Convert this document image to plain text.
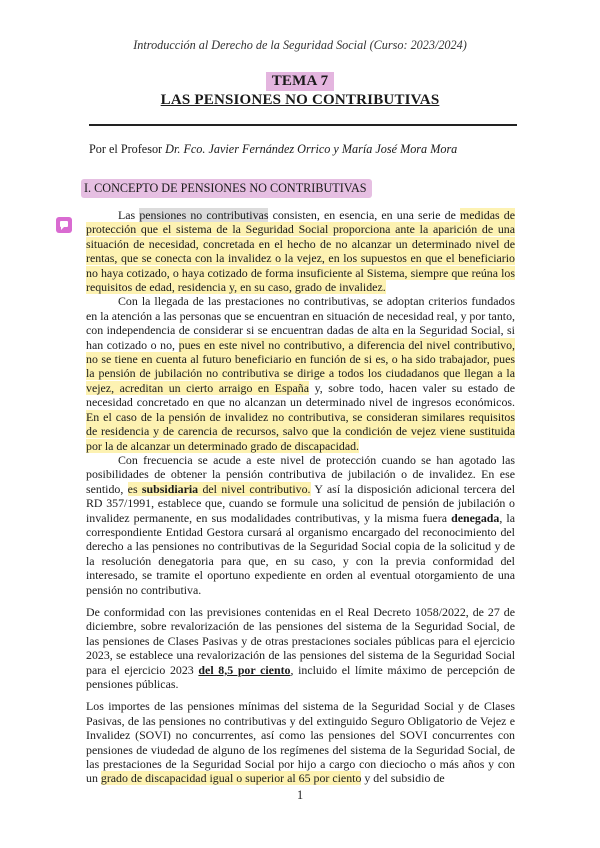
Introducción al Derecho de la Seguridad Social (Curso: 2023/2024)
TEMA 7
LAS PENSIONES NO CONTRIBUTIVAS
Por el Profesor Dr. Fco. Javier Fernández Orrico y María José Mora Mora
I. CONCEPTO DE PENSIONES NO CONTRIBUTIVAS

Las pensiones no contributivas consisten, en esencia, en una serie de medidas de protección que el sistema de la Seguridad Social proporciona ante la aparición de una situación de necesidad, concretada en el hecho de no alcanzar un determinado nivel de rentas, que se conecta con la invalidez o la vejez, en los supuestos en que el beneficiario no haya cotizado, o haya cotizado de forma insuficiente al Sistema, siempre que reúna los requisitos de edad, residencia y, en su caso, grado de invalidez.

Con la llegada de las prestaciones no contributivas, se adoptan criterios fundados en la atención a las personas que se encuentran en situación de necesidad real, y por tanto, con independencia de considerar si se encuentran dadas de alta en la Seguridad Social, si han cotizado o no, pues en este nivel no contributivo, a diferencia del nivel contributivo, no se tiene en cuenta al futuro beneficiario en función de si es, o ha sido trabajador, pues la pensión de jubilación no contributiva se dirige a todos los ciudadanos que llegan a la vejez, acreditan un cierto arraigo en España y, sobre todo, hacen valer su estado de necesidad concretado en que no alcanzan un determinado nivel de ingresos económicos. En el caso de la pensión de invalidez no contributiva, se consideran similares requisitos de residencia y de carencia de recursos, salvo que la condición de vejez viene sustituida por la de alcanzar un determinado grado de discapacidad.

Con frecuencia se acude a este nivel de protección cuando se han agotado las posibilidades de obtener la pensión contributiva de jubilación o de invalidez. En ese sentido, es subsidiaria del nivel contributivo. Y así la disposición adicional tercera del RD 357/1991, establece que, cuando se formule una solicitud de pensión de jubilación o invalidez permanente, en sus modalidades contributivas, y la misma fuera denegada, la correspondiente Entidad Gestora cursará al organismo encargado del reconocimiento del derecho a las pensiones no contributivas de la Seguridad Social copia de la solicitud y de la resolución denegatoria para que, en su caso, y con la previa conformidad del interesado, se tramite el oportuno expediente en orden al eventual otorgamiento de una pensión no contributiva.

De conformidad con las previsiones contenidas en el Real Decreto 1058/2022, de 27 de diciembre, sobre revalorización de las pensiones del sistema de la Seguridad Social, de las pensiones de Clases Pasivas y de otras prestaciones sociales públicas para el ejercicio 2023, se establece una revalorización de las pensiones del sistema de la Seguridad Social para el ejercicio 2023 del 8,5 por ciento, incluido el límite máximo de percepción de pensiones públicas.

Los importes de las pensiones mínimas del sistema de la Seguridad Social y de Clases Pasivas, de las pensiones no contributivas y del extinguido Seguro Obligatorio de Vejez e Invalidez (SOVI) no concurrentes, así como las pensiones del SOVI concurrentes con pensiones de viudedad de alguno de los regímenes del sistema de la Seguridad Social, de las prestaciones de la Seguridad Social por hijo a cargo con dieciocho o más años y con un grado de discapacidad igual o superior al 65 por ciento y del subsidio de

1
